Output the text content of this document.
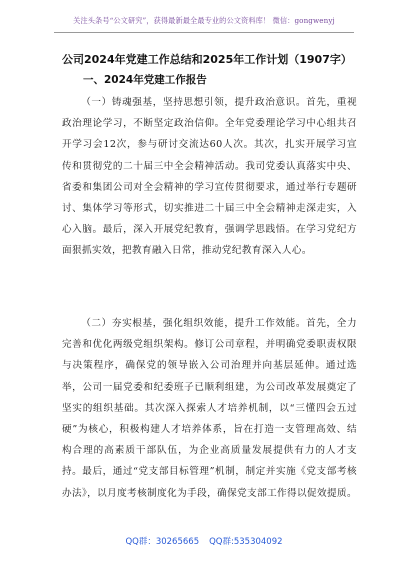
关注头条号“公文研究”，获得最新最全最专业的公文资料库！ 微信：gongwenyj
公司2024年党建工作总结和2025年工作计划（1907字）
一、2024年党建工作报告
（一）铸魂强基，坚持思想引领，提升政治意识。首先，重视政治理论学习，不断坚定政治信仰。全年党委理论学习中心组共召开学习会12次，参与研讨交流达60人次。其次，扎实开展学习宣传和贯彻党的二十届三中全会精神活动。我司党委认真落实中央、省委和集团公司对全会精神的学习宣传贯彻要求，通过举行专题研讨、集体学习等形式，切实推进二十届三中全会精神走深走实，入心入脑。最后，深入开展党纪教育，强调学思践悟。在学习党纪方面狠抓实效，把教育融入日常，推动党纪教育深入人心。
（二）夯实根基，强化组织效能，提升工作效能。首先，全力完善和优化两级党组织架构。修订公司章程，并明确党委职责权限与决策程序，确保党的领导嵌入公司治理并向基层延伸。通过选举，公司一届党委和纪委班子已顺利组建，为公司改革发展奠定了坚实的组织基础。其次深入探索人才培养机制，以“三懂四会五过硬”为核心，积极构建人才培养体系，旨在打造一支管理高效、结构合理的高素质干部队伍，为企业高质量发展提供有力的人才支持。最后，通过“党支部目标管理”机制，制定并实施《党支部考核办法》，以月度考核制度化为手段，确保党支部工作得以促效提质。
QQ群：30265665 QQ群:535304092
